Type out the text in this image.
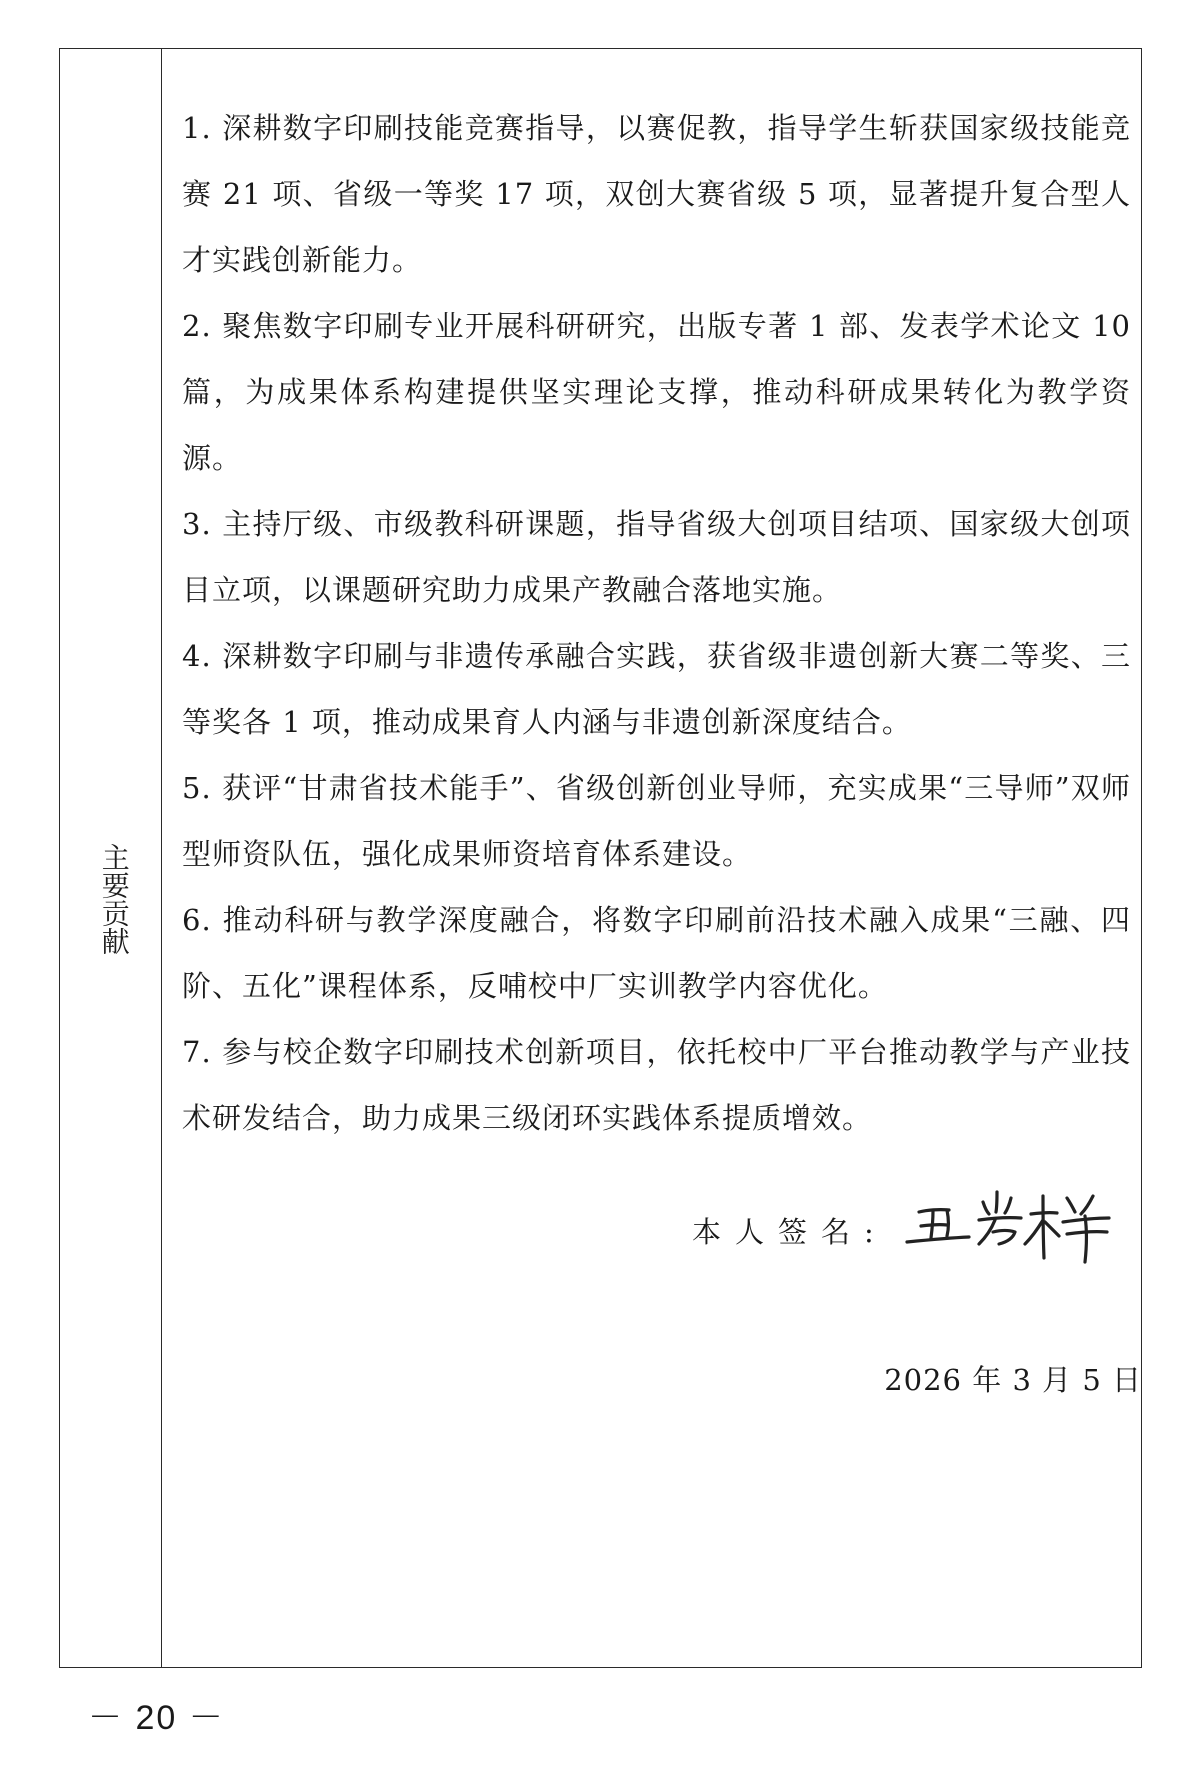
主要贡献

1. 深耕数字印刷技能竞赛指导，以赛促教，指导学生斩获国家级技能竞赛 21 项、省级一等奖 17 项，双创大赛省级 5 项，显著提升复合型人才实践创新能力。

2. 聚焦数字印刷专业开展科研研究，出版专著 1 部、发表学术论文 10 篇，为成果体系构建提供坚实理论支撑，推动科研成果转化为教学资源。

3. 主持厅级、市级教科研课题，指导省级大创项目结项、国家级大创项目立项，以课题研究助力成果产教融合落地实施。

4. 深耕数字印刷与非遗传承融合实践，获省级非遗创新大赛二等奖、三等奖各 1 项，推动成果育人内涵与非遗创新深度结合。

5. 获评“甘肃省技术能手”、省级创新创业导师，充实成果“三导师”双师型师资队伍，强化成果师资培育体系建设。

6. 推动科研与教学深度融合，将数字印刷前沿技术融入成果“三融、四阶、五化”课程体系，反哺校中厂实训教学内容优化。

7. 参与校企数字印刷技术创新项目，依托校中厂平台推动教学与产业技术研发结合，助力成果三级闭环实践体系提质增效。

本人签名:
2026 年 3 月 5 日
－ 20 －
